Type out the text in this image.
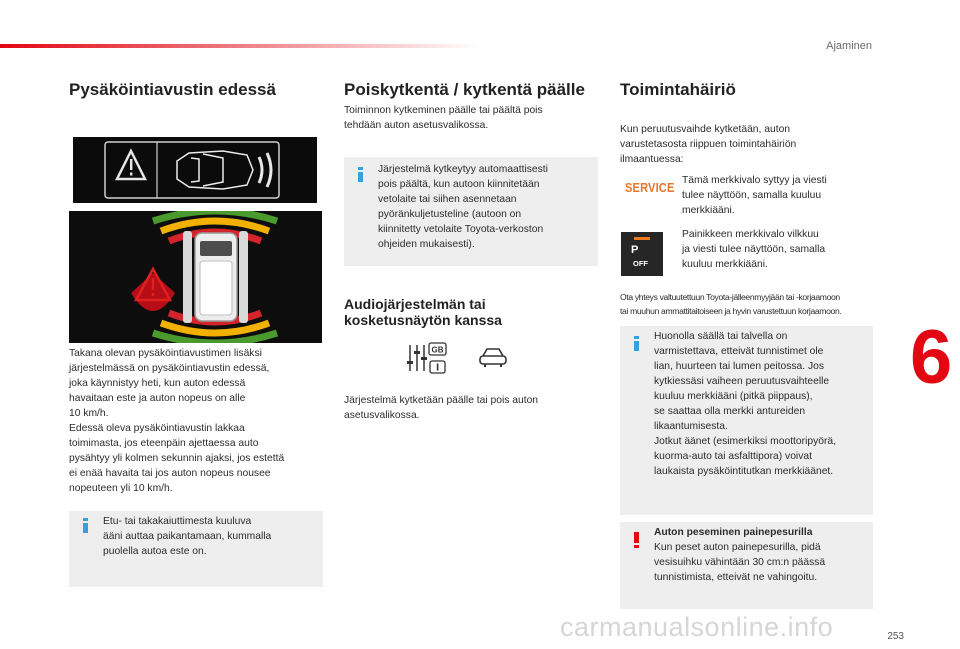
Ajaminen
6
253
carmanualsonline.info
Pysäköintiavustin edessä
Takana olevan pysäköintiavustimen lisäksi
järjestelmässä on pysäköintiavustin edessä,
joka käynnistyy heti, kun auton edessä
havaitaan este ja auton nopeus on alle
10 km/h.
Edessä oleva pysäköintiavustin lakkaa
toimimasta, jos eteenpäin ajettaessa auto
pysähtyy yli kolmen sekunnin ajaksi, jos estettä
ei enää havaita tai jos auton nopeus nousee
nopeuteen yli 10 km/h.
Etu- tai takakaiuttimesta kuuluva
ääni auttaa paikantamaan, kummalla
puolella autoa este on.
Poiskytkentä / kytkentä päälle
Toiminnon kytkeminen päälle tai päältä pois
tehdään auton asetusvalikossa.
Järjestelmä kytkeytyy automaattisesti
pois päältä, kun autoon kiinnitetään
vetolaite tai siihen asennetaan
pyöränkuljetusteline (autoon on
kiinnitetty vetolaite Toyota-verkoston
ohjeiden mukaisesti).
Audiojärjestelmän tai
kosketusnäytön kanssa
GB
Järjestelmä kytketään päälle tai pois auton
asetusvalikossa.
Toimintahäiriö
Kun peruutusvaihde kytketään, auton
varustetasosta riippuen toimintahäiriön
ilmaantuessa:
SERVICE Tämä merkkivalo syttyy ja viesti
tulee näyttöön, samalla kuuluu
merkkiääni.
P
OFF
Painikkeen merkkivalo vilkkuu
ja viesti tulee näyttöön, samalla
kuuluu merkkiääni.
Ota yhteys valtuutettuun Toyota-jälleenmyyjään tai -korjaamoon
tai muuhun ammattitaitoiseen ja hyvin varustettuun korjaamoon.
Huonolla säällä tai talvella on
varmistettava, etteivät tunnistimet ole
lian, huurteen tai lumen peitossa. Jos
kytkiessäsi vaiheen peruutusvaihteelle
kuuluu merkkiääni (pitkä piippaus),
se saattaa olla merkki antureiden
likaantumisesta.
Jotkut äänet (esimerkiksi moottoripyörä,
kuorma-auto tai asfalttipora) voivat
laukaista pysäköintitutkan merkkiäänet.
Auton peseminen painepesurilla
Kun peset auton painepesurilla, pidä
vesisuihku vähintään 30 cm:n päässä
tunnistimista, etteivät ne vahingoitu.
